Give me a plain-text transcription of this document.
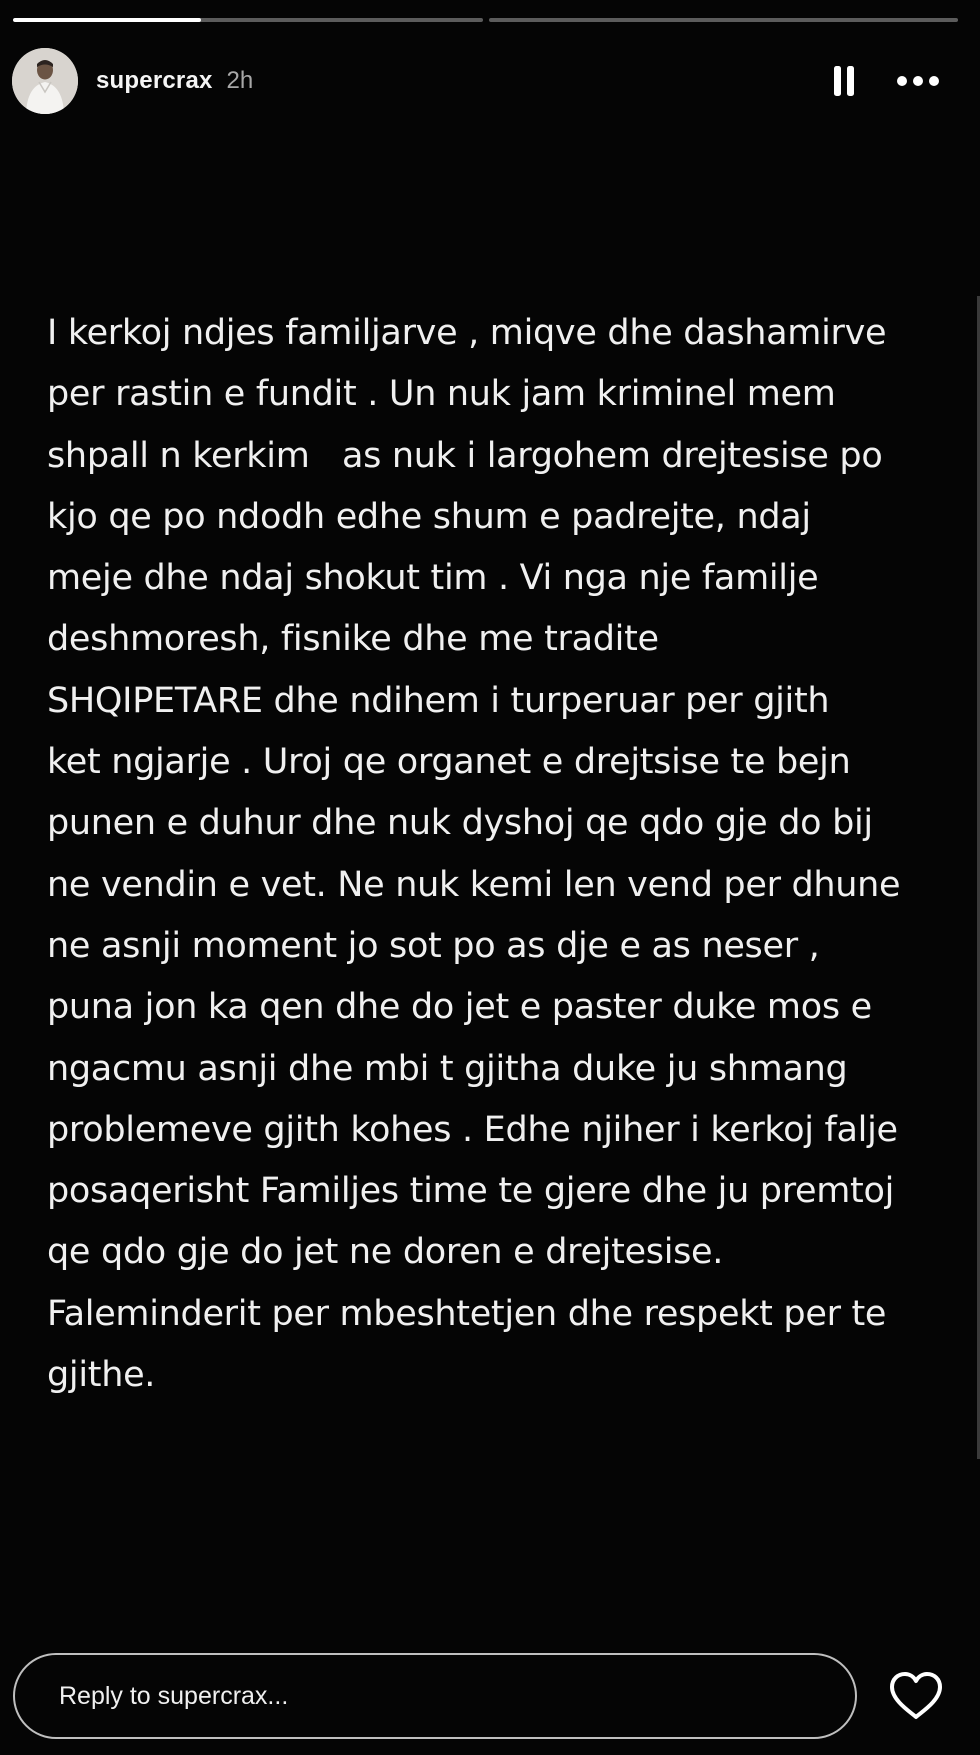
supercrax 2h
I kerkoj ndjes familjarve , miqve dhe dashamirve
per rastin e fundit . Un nuk jam kriminel mem
shpall n kerkim   as nuk i largohem drejtesise po
kjo qe po ndodh edhe shum e padrejte, ndaj
meje dhe ndaj shokut tim . Vi nga nje familje
deshmoresh, fisnike dhe me tradite
SHQIPETARE dhe ndihem i turperuar per gjith
ket ngjarje . Uroj qe organet e drejtsise te bejn
punen e duhur dhe nuk dyshoj qe qdo gje do bij
ne vendin e vet. Ne nuk kemi len vend per dhune
ne asnji moment jo sot po as dje e as neser ,
puna jon ka qen dhe do jet e paster duke mos e
ngacmu asnji dhe mbi t gjitha duke ju shmang
problemeve gjith kohes . Edhe njiher i kerkoj falje
posaqerisht Familjes time te gjere dhe ju premtoj
qe qdo gje do jet ne doren e drejtesise.
Faleminderit per mbeshtetjen dhe respekt per te
gjithe.
Reply to supercrax...
